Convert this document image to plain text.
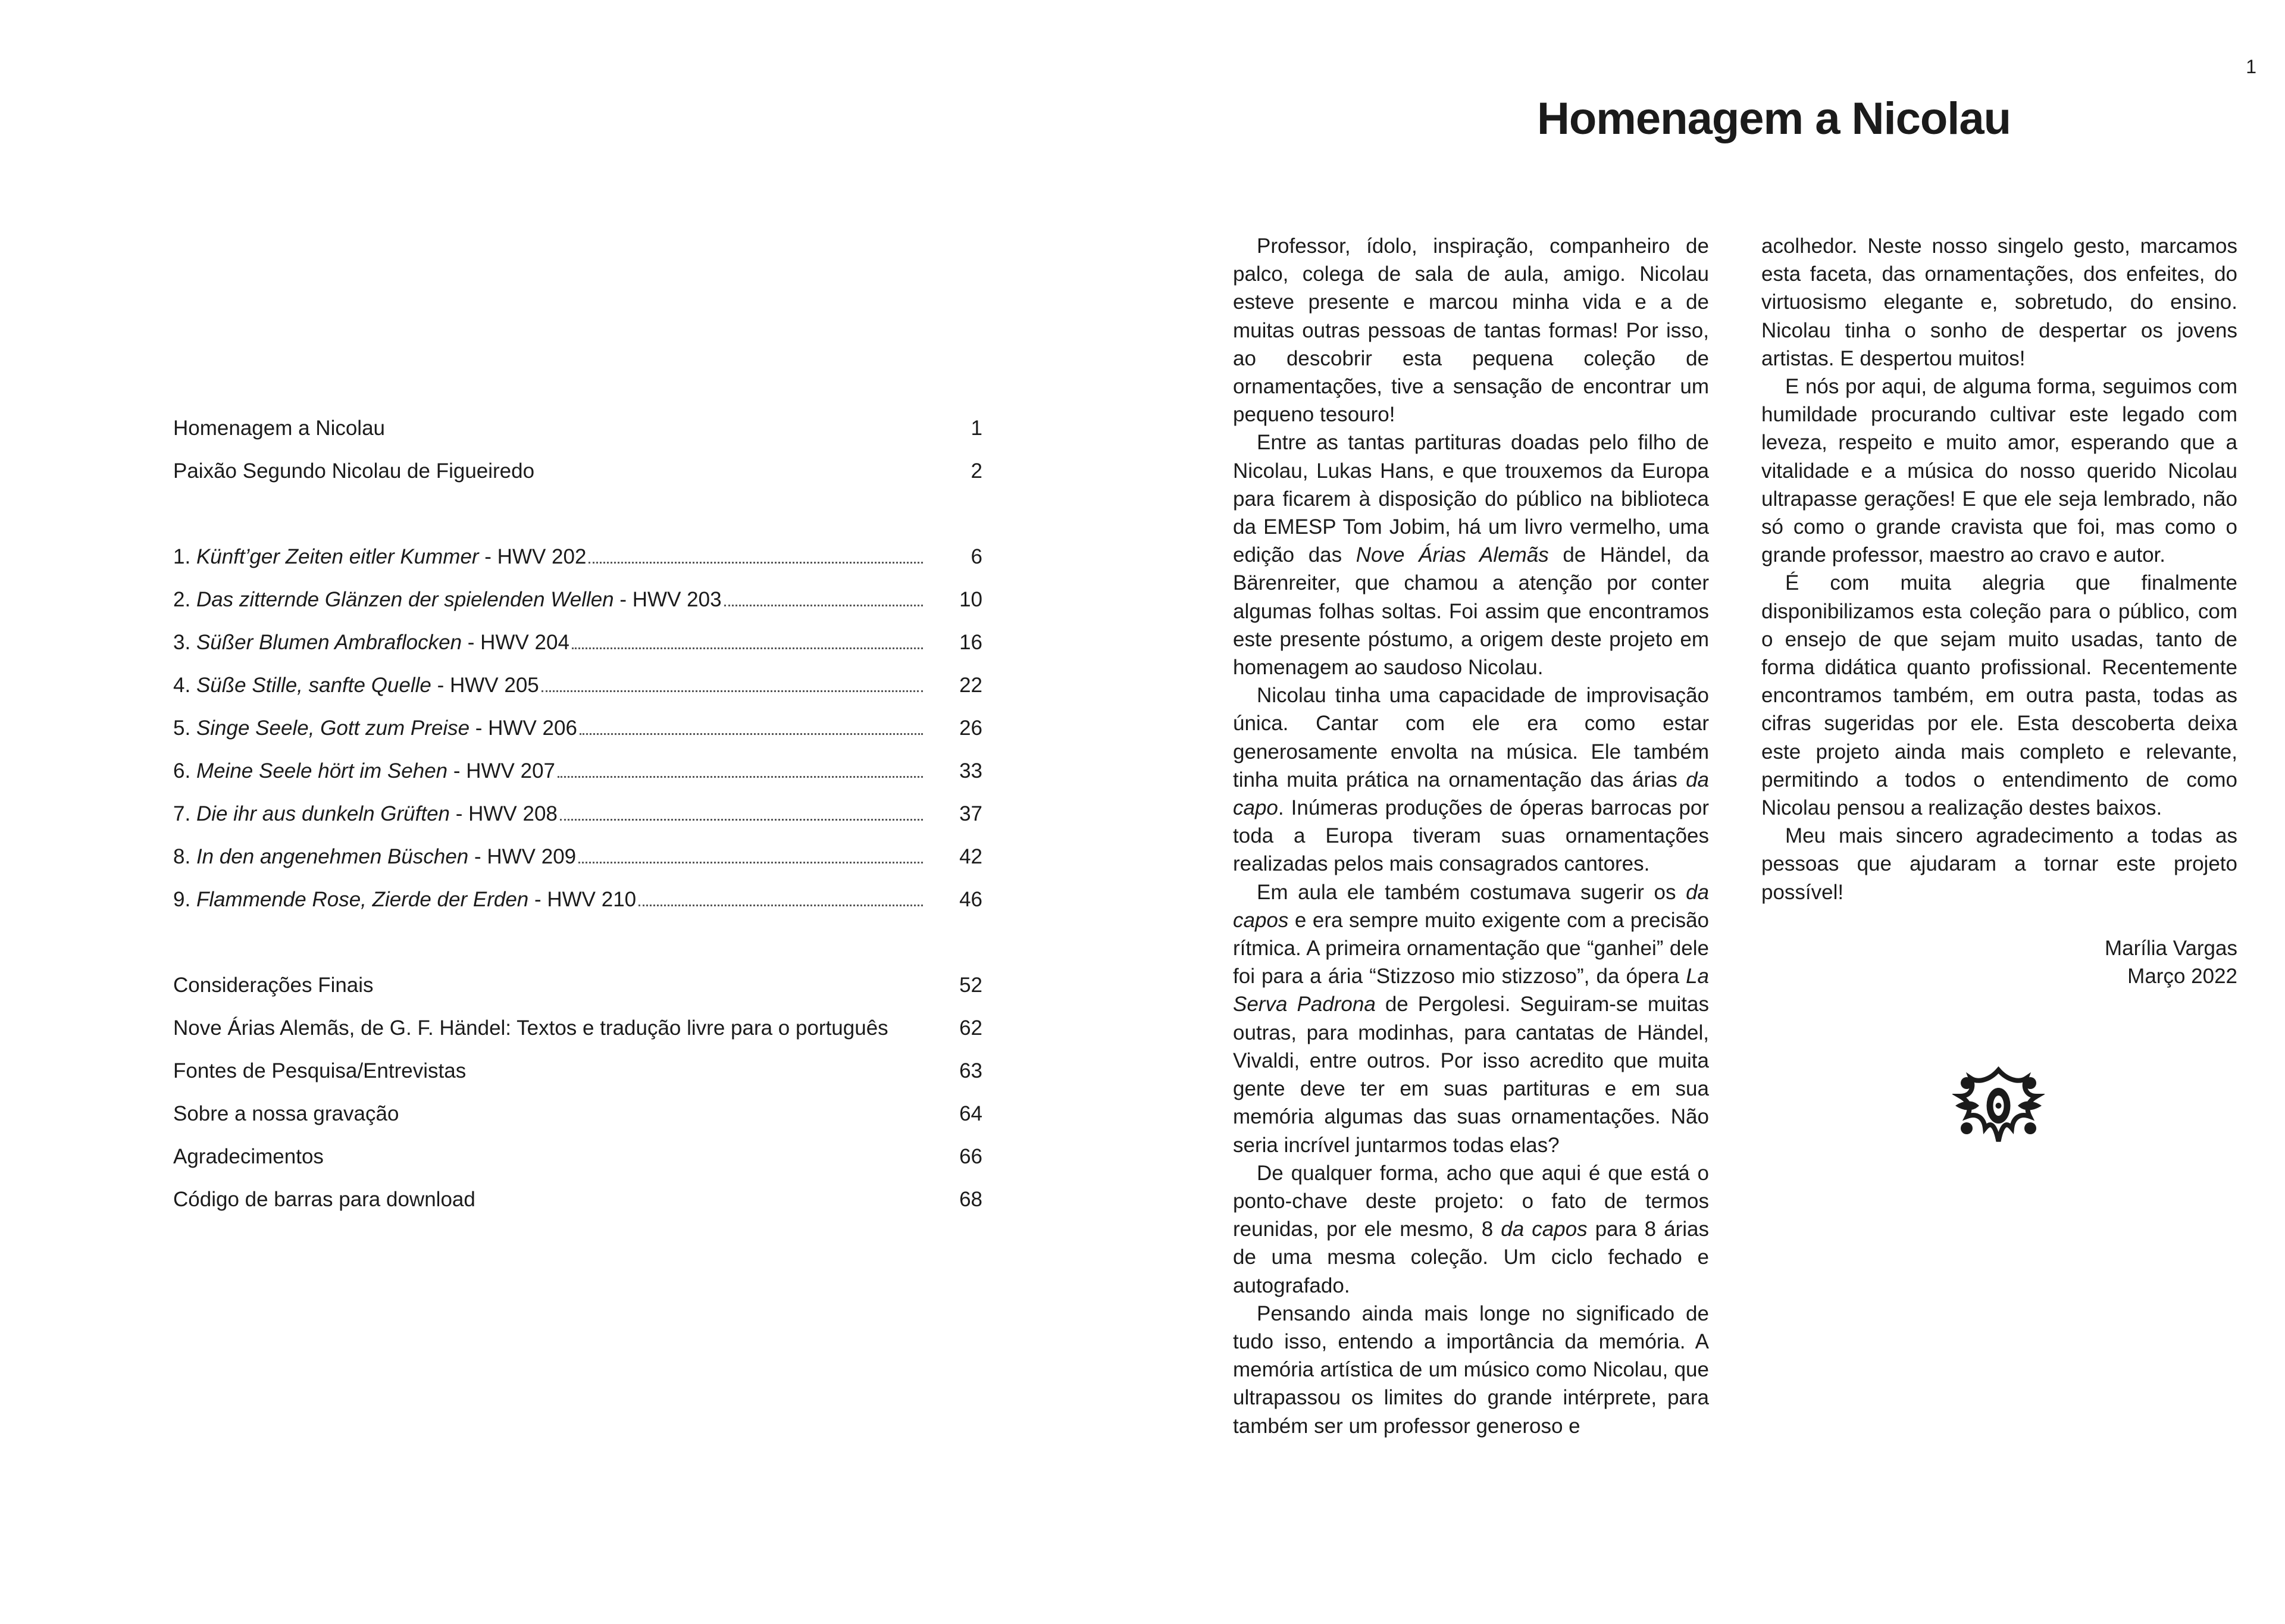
Homenagem a Nicolau	1
Paixão Segundo Nicolau de Figueiredo	2
1. Künft’ger Zeiten eitler Kummer - HWV 202	6
2. Das zitternde Glänzen der spielenden Wellen - HWV 203	10
3. Süßer Blumen Ambraflocken - HWV 204	16
4. Süße Stille, sanfte Quelle - HWV 205	22
5. Singe Seele, Gott zum Preise - HWV 206	26
6. Meine Seele hört im Sehen - HWV 207	33
7. Die ihr aus dunkeln Grüften - HWV 208	37
8. In den angenehmen Büschen - HWV 209	42
9. Flammende Rose, Zierde der Erden - HWV 210	46
Considerações Finais	52
Nove Árias Alemãs, de G. F. Händel: Textos e tradução livre para o português	62
Fontes de Pesquisa/Entrevistas	63
Sobre a nossa gravação	64
Agradecimentos	66
Código de barras para download	68
1
Homenagem a Nicolau

Professor, ídolo, inspiração, companheiro de palco, colega de sala de aula, amigo. Nicolau esteve presente e marcou minha vida e a de muitas outras pessoas de tantas formas! Por isso, ao descobrir esta pequena coleção de ornamentações, tive a sensação de encontrar um pequeno tesouro!

Entre as tantas partituras doadas pelo filho de Nicolau, Lukas Hans, e que trouxemos da Europa para ficarem à disposição do público na biblioteca da EMESP Tom Jobim, há um livro vermelho, uma edição das Nove Árias Alemãs de Händel, da Bärenreiter, que chamou a atenção por conter algumas folhas soltas. Foi assim que encontramos este presente póstumo, a origem deste projeto em homenagem ao saudoso Nicolau.

Nicolau tinha uma capacidade de improvisação única. Cantar com ele era como estar generosamente envolta na música. Ele também tinha muita prática na ornamentação das árias da capo. Inúmeras produções de óperas barrocas por toda a Europa tiveram suas ornamentações realizadas pelos mais consagrados cantores.

Em aula ele também costumava sugerir os da capos e era sempre muito exigente com a precisão rítmica. A primeira ornamentação que “ganhei” dele foi para a ária “Stizzoso mio stizzoso”, da ópera La Serva Padrona de Pergolesi. Seguiram-se muitas outras, para modinhas, para cantatas de Händel, Vivaldi, entre outros. Por isso acredito que muita gente deve ter em suas partituras e em sua memória algumas das suas ornamentações. Não seria incrível juntarmos todas elas?

De qualquer forma, acho que aqui é que está o ponto-chave deste projeto: o fato de termos reunidas, por ele mesmo, 8 da capos para 8 árias de uma mesma coleção. Um ciclo fechado e autografado.

Pensando ainda mais longe no significado de tudo isso, entendo a importância da memória. A memória artística de um músico como Nicolau, que ultrapassou os limites do grande intérprete, para também ser um professor generoso e

acolhedor. Neste nosso singelo gesto, marcamos esta faceta, das ornamentações, dos enfeites, do virtuosismo elegante e, sobretudo, do ensino. Nicolau tinha o sonho de despertar os jovens artistas. E despertou muitos!

E nós por aqui, de alguma forma, seguimos com humildade procurando cultivar este legado com leveza, respeito e muito amor, esperando que a vitalidade e a música do nosso querido Nicolau ultrapasse gerações! E que ele seja lembrado, não só como o grande cravista que foi, mas como o grande professor, maestro ao cravo e autor.

É com muita alegria que finalmente disponibilizamos esta coleção para o público, com o ensejo de que sejam muito usadas, tanto de forma didática quanto profissional. Recentemente encontramos também, em outra pasta, todas as cifras sugeridas por ele. Esta descoberta deixa este projeto ainda mais completo e relevante, permitindo a todos o entendimento de como Nicolau pensou a realização destes baixos.

Meu mais sincero agradecimento a todas as pessoas que ajudaram a tornar este projeto possível!

Marília Vargas
Março 2022
